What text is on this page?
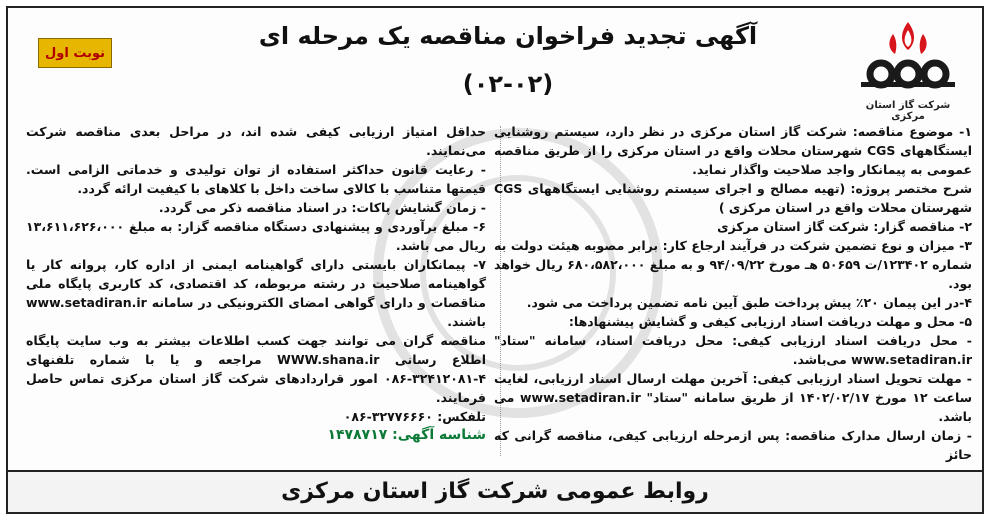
نوبت اول
آگهی تجدید فراخوان مناقصه یک مرحله ای
(۰۲-۰۲)
شرکت گاز استان مرکزی

۱- موضوع مناقصه: شرکت گاز استان مرکزی در نظر دارد، سیستم روشنایی ایستگاههای CGS شهرستان محلات واقع در استان مرکزی را از طریق مناقصه عمومی به پیمانکار واجد صلاحیت واگذار نماید.

شرح مختصر پروژه: (تهیه مصالح و اجرای سیستم روشنایی ایستگاههای CGS شهرستان محلات واقع در استان مرکزی )

۲- مناقصه گزار: شرکت گاز استان مرکزی

۳- میزان و نوع تضمین شرکت در فرآیند ارجاع کار: برابر مصوبه هیئت دولت به شماره ۱۲۳۴۰۲/ت ۵۰۶۵۹ هـ مورخ ۹۴/۰۹/۲۲ و به مبلغ ۶۸۰،۵۸۲،۰۰۰ ریال خواهد بود.

۴-در این پیمان ۲۰٪ پیش پرداخت طبق آیین نامه تضمین پرداخت می شود.

۵- محل و مهلت دریافت اسناد ارزیابی کیفی و گشایش پیشنهادها:

- محل دریافت اسناد ارزیابی کیفی: محل دریافت اسناد، سامانه "ستاد" www.setadiran.ir می‌باشد.

- مهلت تحویل اسناد ارزیابی کیفی: آخرین مهلت ارسال اسناد ارزیابی، لغایت ساعت ۱۲ مورخ ۱۴۰۲/۰۲/۱۷ از طریق سامانه "ستاد" www.setadiran.ir می باشد.

- زمان ارسال مدارک مناقصه: پس ازمرحله ارزیابی کیفی، مناقصه گرانی که حائز

حداقل امتیاز ارزیابی کیفی شده اند، در مراحل بعدی مناقصه شرکت می‌نمایند.

- رعایت قانون حداکثر استفاده از توان تولیدی و خدماتی الزامی است. قیمتها متناسب با کالای ساخت داخل با کلاهای با کیفیت ارائه گردد.

- زمان گشایش پاکات: در اسناد مناقصه ذکر می گردد.

۶- مبلغ برآوردی و پیشنهادی دستگاه مناقصه گزار: به مبلغ ۱۳،۶۱۱،۶۲۶،۰۰۰ ریال می باشد.

۷- پیمانکاران بایستی دارای گواهینامه ایمنی از اداره کار، پروانه کار یا گواهینامه صلاحیت در رشته مربوطه، کد اقتصادی، کد کاربری پایگاه ملی مناقصات و دارای گواهی امضای الکترونیکی در سامانه www.setadiran.ir باشند.

مناقصه گران می توانند جهت کسب اطلاعات بیشتر به وب سایت پایگاه اطلاع رسانی WWW.shana.ir مراجعه و یا با شماره تلفنهای ۴-۳۲۴۱۲۰۸۱-۰۸۶ امور قراردادهای شرکت گاز استان مرکزی تماس حاصل فرمایند.

تلفکس: ۳۲۷۷۶۶۶۰-۰۸۶

شناسه آگهی: ۱۴۷۸۷۱۷

روابط عمومی شرکت گاز استان مرکزی
